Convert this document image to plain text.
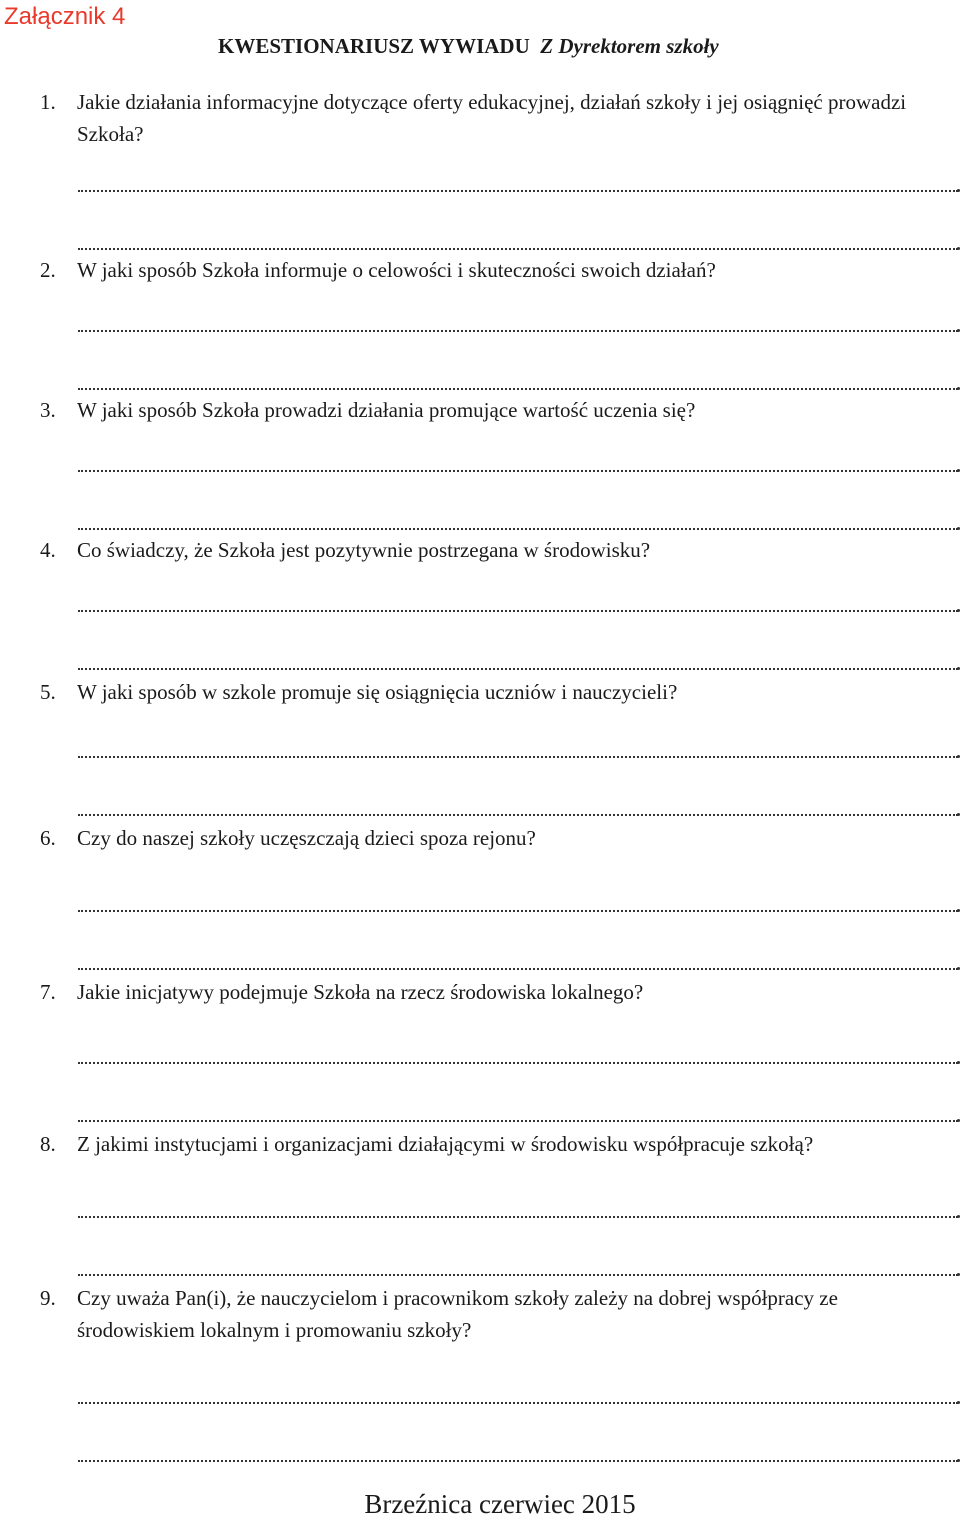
Załącznik 4
KWESTIONARIUSZ WYWIADU Z Dyrektorem szkoły
1. Jakie działania informacyjne dotyczące oferty edukacyjnej, działań szkoły i jej osiągnięć prowadzi Szkoła?
2. W jaki sposób Szkoła informuje o celowości i skuteczności swoich działań?
3. W jaki sposób Szkoła prowadzi działania promujące wartość uczenia się?
4. Co świadczy, że Szkoła jest pozytywnie postrzegana w środowisku?
5. W jaki sposób w szkole promuje się osiągnięcia uczniów i nauczycieli?
6. Czy do naszej szkoły uczęszczają dzieci spoza rejonu?
7. Jakie inicjatywy podejmuje Szkoła na rzecz środowiska lokalnego?
8. Z jakimi instytucjami i organizacjami działającymi w środowisku współpracuje szkołą?
9. Czy uważa Pan(i), że nauczycielom i pracownikom szkoły zależy na dobrej współpracy ze środowiskiem lokalnym i promowaniu szkoły?
Brzeźnica czerwiec 2015
